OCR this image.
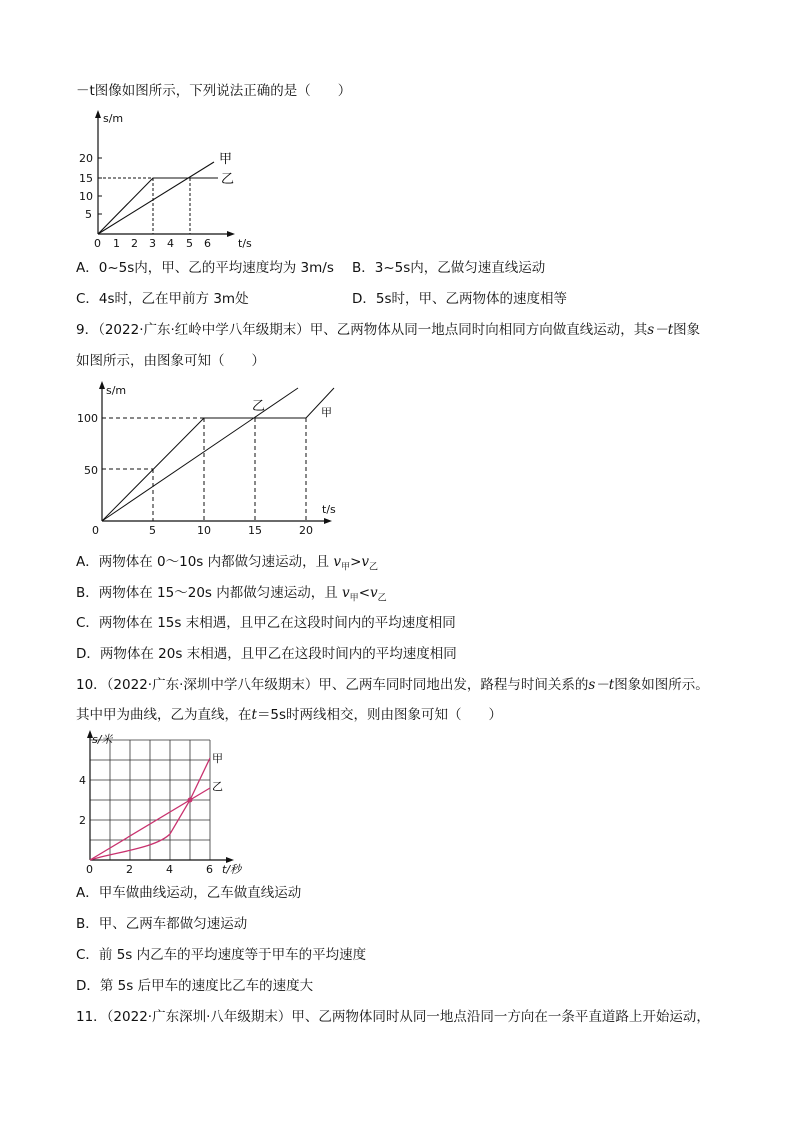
－t图像如图所示，下列说法正确的是（　　）
s/m
20
15
10
5
0 1 2 3 4 5 6 t/s
甲
乙
A．0~5s内，甲、乙的平均速度均为 3m/s B．3~5s内，乙做匀速直线运动
C．4s时，乙在甲前方 3m处	D．5s时，甲、乙两物体的速度相等
9．（2022·广东·红岭中学八年级期末）甲、乙两物体从同一地点同时向相同方向做直线运动，其s－t图象
如图所示，由图象可知（　　）
s/m
t/s
100
50
0	5	10	15	20
乙	甲
A．两物体在 0～10s 内都做匀速运动，且 $v_甲>v_乙$
B．两物体在 15～20s 内都做匀速运动，且 $v_甲<v_乙$
C．两物体在 15s 末相遇，且甲乙在这段时间内的平均速度相同
D．两物体在 20s 末相遇，且甲乙在这段时间内的平均速度相同
10．（2022·广东·深圳中学八年级期末）甲、乙两车同时同地出发，路程与时间关系的s－t图象如图所示。
其中甲为曲线，乙为直线，在t＝5s时两线相交，则由图象可知（　　）
s/米
t/秒
4
2
0	2	4	6
甲
乙
A．甲车做曲线运动，乙车做直线运动
B．甲、乙两车都做匀速运动
C．前 5s 内乙车的平均速度等于甲车的平均速度
D．第 5s 后甲车的速度比乙车的速度大
11．（2022·广东深圳·八年级期末）甲、乙两物体同时从同一地点沿同一方向在一条平直道路上开始运动，
